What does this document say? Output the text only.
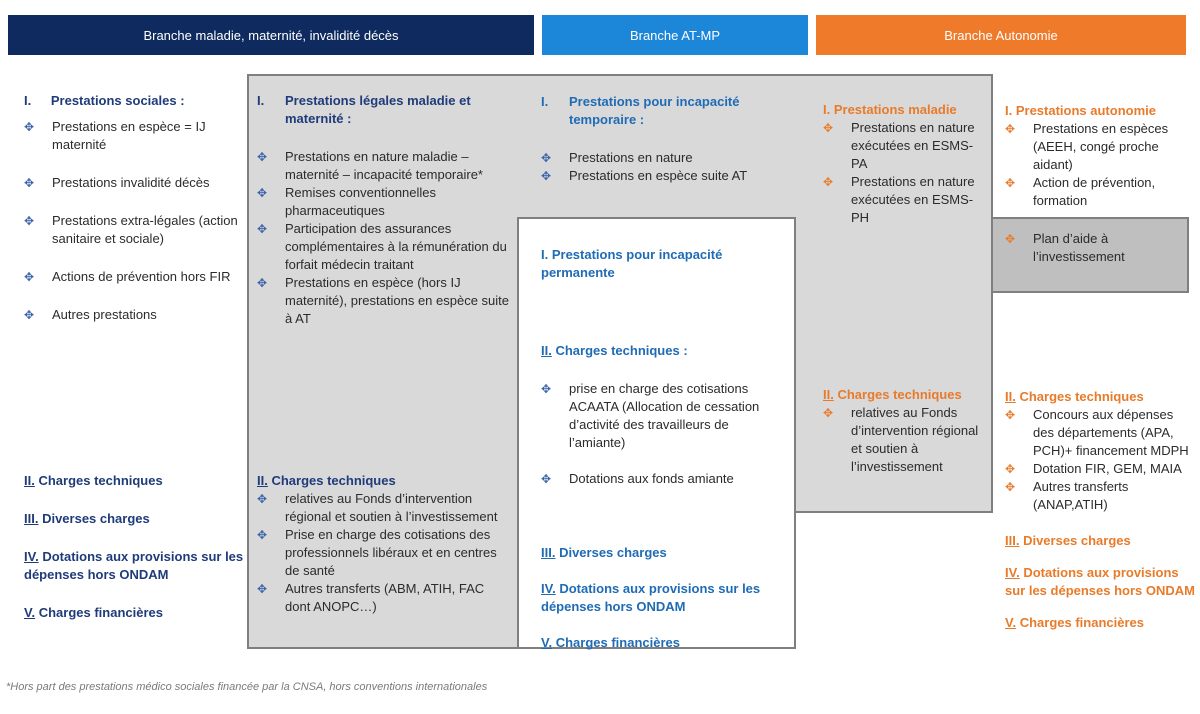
Branche maladie, maternité, invalidité décès	Branche AT-MP	Branche Autonomie

I. Prestations sociales :

✥ Prestations en espèce = IJ maternité

✥ Prestations invalidité décès

✥ Prestations extra-légales (action sanitaire et sociale)

✥ Actions de prévention hors FIR

✥ Autres prestations

II. Charges techniques

III. Diverses charges

IV. Dotations aux provisions sur les dépenses hors ONDAM

V. Charges financières

I. Prestations légales maladie et maternité :

✥ Prestations en nature maladie – maternité – incapacité temporaire*

✥ Remises conventionnelles pharmaceutiques

✥ Participation des assurances complémentaires à la rémunération du forfait médecin traitant

✥ Prestations en espèce (hors IJ maternité), prestations en espèce suite à AT

II. Charges techniques

✥ relatives au Fonds d’intervention régional et soutien à l’investissement

✥ Prise en charge des cotisations des professionnels libéraux et en centres de santé

✥ Autres transferts (ABM, ATIH, FAC dont ANOPC…)

I. Prestations pour incapacité temporaire :

✥ Prestations en nature

✥ Prestations en espèce suite AT

I. Prestations pour incapacité permanente

II. Charges techniques :

✥ prise en charge des cotisations ACAATA (Allocation de cessation d’activité des travailleurs de l’amiante)

✥ Dotations aux fonds amiante

III. Diverses charges

IV. Dotations aux provisions sur les dépenses hors ONDAM

V. Charges financières

I. Prestations maladie

✥ Prestations en nature exécutées en ESMS-PA

✥ Prestations en nature exécutées en ESMS-PH

II. Charges techniques

✥ relatives au Fonds d’intervention régional et soutien à l’investissement

I. Prestations autonomie

✥ Prestations en espèces (AEEH, congé proche aidant)

✥ Action de prévention, formation

✥ Plan d’aide à l’investissement

II. Charges techniques

✥ Concours aux dépenses des départements (APA, PCH)+ financement MDPH

✥ Dotation FIR, GEM, MAIA

✥ Autres transferts (ANAP,ATIH)

III. Diverses charges

IV. Dotations aux provisions sur les dépenses hors ONDAM

V. Charges financières

*Hors part des prestations médico sociales financée par la CNSA, hors conventions internationales
